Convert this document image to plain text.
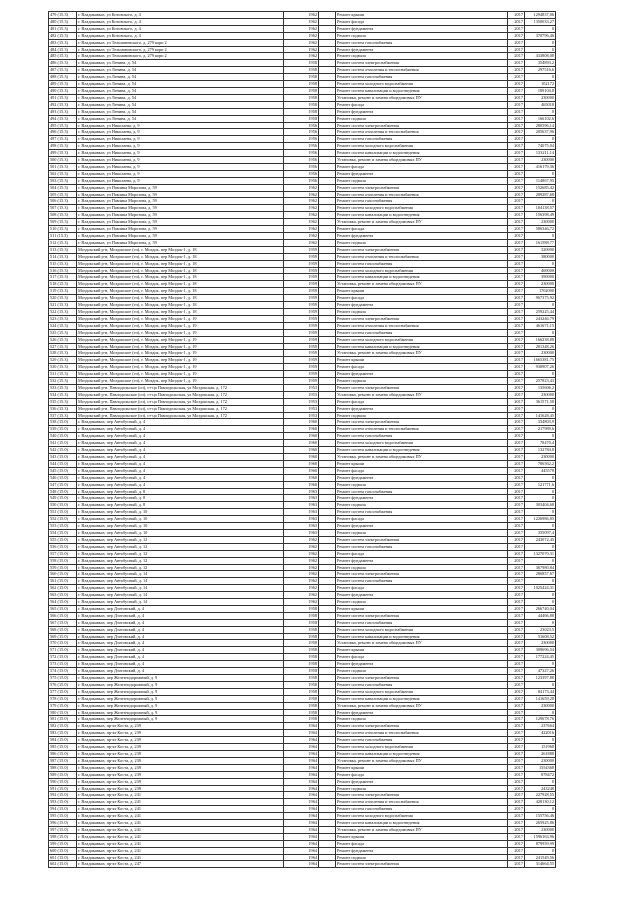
479 (15.3)	г. Владикавказ, ул Котовского, д. 4	1962		Ремонт крыши	2017	1294837,06
480 (15.3)	г. Владикавказ, ул Котовского, д. 4	1962		Ремонт фасада	2017	1350033,27
481 (15.3)	г. Владикавказ, ул Котовского, д. 4	1962		Ремонт фундамента	2017	0
482 (15.3)	г. Владикавказ, ул Котовского, д. 4	1962		Ремонт подвала	2017	370796,46
483 (15.3)	г. Владикавказ, ул Тельмановского, д. 279 корп 2	1962		Ремонт систем газоснабжения	2017	0
484 (15.3)	г. Владикавказ, ул Тельмановского, д. 279 корп 2	1962		Ремонт фундамента	2017	0
485 (15.3)	г. Владикавказ, ул Тельмановского, д. 279 корп 2	1962		Ремонт подвала	2017	433808,08
486 (15.3)	г. Владикавказ, ул Ленина, д. 54	1958		Ремонт систем электроснабжения	2017	354893,2
487 (15.3)	г. Владикавказ, ул Ленина, д. 54	1958		Ремонт систем отопления и теплоснабжения	2017	297516,6
488 (15.3)	г. Владикавказ, ул Ленина, д. 54	1958		Ремонт систем газоснабжения	2017	0
489 (15.3)	г. Владикавказ, ул Ленина, д. 54	1958		Ремонт систем холодного водоснабжения	2017	102172
490 (15.3)	г. Владикавказ, ул Ленина, д. 54	1958		Ремонт систем канализации и водоотведения	2017	189104,8
491 (15.3)	г. Владикавказ, ул Ленина, д. 54	1958		Установка, ремонт и замена общедомовых ПУ	2017	230000
492 (15.3)	г. Владикавказ, ул Ленина, д. 54	1958		Ремонт фасада	2017	465018
493 (15.3)	г. Владикавказ, ул Ленина, д. 54	1958		Ремонт фундамента	2017	0
494 (15.3)	г. Владикавказ, ул Ленина, д. 54	1958		Ремонт подвала	2017	166102,6
495 (15.3)	г. Владикавказ, ул Николаева, д. 9	1956		Ремонт систем электроснабжения	2017	280596,14
496 (15.3)	г. Владикавказ, ул Николаева, д. 9	1956		Ремонт систем отопления и теплоснабжения	2017	205637,96
497 (15.3)	г. Владикавказ, ул Николаева, д. 9	1956		Ремонт систем газоснабжения	2017	0
498 (15.3)	г. Владикавказ, ул Николаева, д. 9	1956		Ремонт систем холодного водоснабжения	2017	74075,04
499 (15.3)	г. Владикавказ, ул Николаева, д. 9	1956		Ремонт систем канализации и водоотведения	2017	133211,14
500 (15.3)	г. Владикавказ, ул Николаева, д. 9	1956		Установка, ремонт и замена общедомовых ПУ	2017	230000
501 (15.3)	г. Владикавказ, ул Николаева, д. 9	1956		Ремонт фасада	2017	416179,36
502 (15.3)	г. Владикавказ, ул Николаева, д. 9	1956		Ремонт фундамента	2017	0
503 (15.3)	г. Владикавказ, ул Николаева, д. 9	1956		Ремонт подвала	2017	114867,95
504 (15.3)	г. Владикавказ, ул Павлика Морозова, д. 59	1962		Ремонт систем электроснабжения	2017	152685,42
505 (15.3)	г. Владикавказ, ул Павлика Морозова, д. 59	1962		Ремонт систем отопления и теплоснабжения	2017	289287,68
506 (15.3)	г. Владикавказ, ул Павлика Морозова, д. 59	1962		Ремонт систем газоснабжения	2017	0
507 (15.3)	г. Владикавказ, ул Павлика Морозова, д. 59	1962		Ремонт систем холодного водоснабжения	2017	104138,57
508 (15.3)	г. Владикавказ, ул Павлика Морозова, д. 59	1962		Ремонт систем канализации и водоотведения	2017	156398,49
509 (15.3)	г. Владикавказ, ул Павлика Морозова, д. 59	1962		Установка, ремонт и замена общедомовых ПУ	2017	230000
510 (15.3)	г. Владикавказ, ул Павлика Морозова, д. 59	1962		Ремонт фасада	2017	586346,72
511 (15.3)	г. Владикавказ, ул Павлика Морозова, д. 59	1962		Ремонт фундамента	2017	0
512 (15.3)	г. Владикавказ, ул Павлика Морозова, д. 59	1962		Ремонт подвала	2017	161588,77
513 (15.3)	Моздокский р-н, Моздокское (гп), г. Моздок, пер Моздок-1, д. 18	1959		Ремонт систем электроснабжения	2017	320000
514 (15.3)	Моздокский р-н, Моздокское (гп), г. Моздок, пер Моздок-1, д. 18	1959		Ремонт систем отопления и теплоснабжения	2017	380000
515 (15.3)	Моздокский р-н, Моздокское (гп), г. Моздок, пер Моздок-1, д. 18	1959		Ремонт систем газоснабжения	2017	0
516 (15.3)	Моздокский р-н, Моздокское (гп), г. Моздок, пер Моздок-1, д. 18	1959		Ремонт систем холодного водоснабжения	2017	469000
517 (15.3)	Моздокский р-н, Моздокское (гп), г. Моздок, пер Моздок-1, д. 18	1959		Ремонт систем канализации и водоотведения	2017	390000
518 (15.3)	Моздокский р-н, Моздокское (гп), г. Моздок, пер Моздок-1, д. 18	1959		Установка, ремонт и замена общедомовых ПУ	2017	230000
519 (15.3)	Моздокский р-н, Моздокское (гп), г. Моздок, пер Моздок-1, д. 18	1959		Ремонт крыши	2017	1702000
520 (15.3)	Моздокский р-н, Моздокское (гп), г. Моздок, пер Моздок-1, д. 18	1959		Ремонт фасада	2017	967375,92
521 (15.3)	Моздокский р-н, Моздокское (гп), г. Моздок, пер Моздок-1, д. 18	1959		Ремонт фундамента	2017	0
522 (15.3)	Моздокский р-н, Моздокское (гп), г. Моздок, пер Моздок-1, д. 18	1959		Ремонт подвала	2017	259225,44
523 (15.3)	Моздокский р-н, Моздокское (гп), г. Моздок, пер Моздок-1, д. 19	1959		Ремонт систем электроснабжения	2017	243246,79
524 (15.3)	Моздокский р-н, Моздокское (гп), г. Моздок, пер Моздок-1, д. 19	1959		Ремонт систем отопления и теплоснабжения	2017	461671,15
525 (15.3)	Моздокский р-н, Моздокское (гп), г. Моздок, пер Моздок-1, д. 19	1959		Ремонт систем газоснабжения	2017	0
526 (15.3)	Моздокский р-н, Моздокское (гп), г. Моздок, пер Моздок-1, д. 19	1959		Ремонт систем холодного водоснабжения	2017	166238,88
527 (15.3)	Моздокский р-н, Моздокское (гп), г. Моздок, пер Моздок-1, д. 19	1959		Ремонт систем канализации и водоотведения	2017	281348,26
528 (15.3)	Моздокский р-н, Моздокское (гп), г. Моздок, пер Моздок-1, д. 19	1959		Установка, ремонт и замена общедомовых ПУ	2017	230000
529 (15.3)	Моздокский р-н, Моздокское (гп), г. Моздок, пер Моздок-1, д. 19	1959		Ремонт крыши	2017	1665381,75
530 (15.3)	Моздокский р-н, Моздокское (гп), г. Моздок, пер Моздок-1, д. 19	1959		Ремонт фасада	2017	938907,26
531 (15.3)	Моздокский р-н, Моздокское (гп), г. Моздок, пер Моздок-1, д. 19	1959		Ремонт фундамента	2017	0
532 (15.3)	Моздокский р-н, Моздокское (гп), г. Моздок, пер Моздок-1, д. 19	1959		Ремонт подвала	2017	257823,43
533 (15.3)	Моздокский р-н, Павлодольское (сп), ст-ца Павлодольская, ул Моздокская, д. 172	1953		Ремонт систем электроснабжения	2017	135606,2
534 (15.3)	Моздокский р-н, Павлодольское (сп), ст-ца Павлодольская, ул Моздокская, д. 172	1953		Установка, ремонт и замена общедомовых ПУ	2017	230000
535 (15.3)	Моздокский р-н, Павлодольское (сп), ст-ца Павлодольская, ул Моздокская, д. 172	1953		Ремонт фасада	2017	361571,58
536 (15.3)	Моздокский р-н, Павлодольское (сп), ст-ца Павлодольская, ул Моздокская, д. 172	1953		Ремонт фундамента	2017	0
537 (15.3)	Моздокский р-н, Павлодольское (сп), ст-ца Павлодольская, ул Моздокская, д. 172	1953		Ремонт подвала	2017	141628,45
538 (15.0)	г. Владикавказ, пер Автобусный, д. 4	1960		Ремонт систем электроснабжения	2017	334803,9
539 (15.0)	г. Владикавказ, пер Автобусный, д. 4	1960		Ремонт систем отопления и теплоснабжения	2017	217989,6
540 (15.0)	г. Владикавказ, пер Автобусный, д. 4	1960		Ремонт систем газоснабжения	2017	0
541 (15.0)	г. Владикавказ, пер Автобусный, д. 4	1960		Ремонт систем холодного водоснабжения	2017	78470,4
542 (15.0)	г. Владикавказ, пер Автобусный, д. 4	1960		Ремонт систем канализации и водоотведения	2017	132784,8
543 (15.0)	г. Владикавказ, пер Автобусный, д. 4	1960		Установка, ремонт и замена общедомовых ПУ	2017	230000
544 (15.0)	г. Владикавказ, пер Автобусный, д. 4	1960		Ремонт крыши	2017	786562,2
545 (15.0)	г. Владикавказ, пер Автобусный, д. 4	1960		Ремонт фасада	2017	445578
546 (15.0)	г. Владикавказ, пер Автобусный, д. 4	1960		Ремонт фундамента	2017	0
547 (15.0)	г. Владикавказ, пер Автобусный, д. 4	1960		Ремонт подвала	2017	121771,6
548 (15.0)	г. Владикавказ, пер Автобусный, д. 8	1963		Ремонт систем газоснабжения	2017	0
549 (15.0)	г. Владикавказ, пер Автобусный, д. 8	1963		Ремонт фундамента	2017	0
550 (15.0)	г. Владикавказ, пер Автобусный, д. 8	1963		Ремонт подвала	2017	303404,68
551 (15.0)	г. Владикавказ, пер Автобусный, д. 10	1963		Ремонт систем газоснабжения	2017	0
552 (15.0)	г. Владикавказ, пер Автобусный, д. 10	1963		Ремонт фасада	2017	1226986,85
553 (15.0)	г. Владикавказ, пер Автобусный, д. 10	1963		Ремонт фундамента	2017	0
554 (15.0)	г. Владикавказ, пер Автобусный, д. 10	1963		Ремонт подвала	2017	335097,4
555 (15.0)	г. Владикавказ, пер Автобусный, д. 12	1962		Ремонт систем электроснабжения	2017	243072,45
556 (15.0)	г. Владикавказ, пер Автобусный, д. 12	1962		Ремонт систем газоснабжения	2017	0
557 (15.0)	г. Владикавказ, пер Автобусный, д. 12	1962		Ремонт фасада	2017	1327070,31
558 (15.0)	г. Владикавказ, пер Автобусный, д. 12	1962		Ремонт фундамента	2017	0
559 (15.0)	г. Владикавказ, пер Автобусный, д. 12	1962		Ремонт подвала	2017	367980,84
560 (15.0)	г. Владикавказ, пер Автобусный, д. 14	1962		Ремонт систем электроснабжения	2017	286857,67
561 (15.0)	г. Владикавказ, пер Автобусный, д. 14	1962		Ремонт систем газоснабжения	2017	0
562 (15.0)	г. Владикавказ, пер Автобусный, д. 14	1962		Ремонт фасада	2017	1025424,31
563 (15.0)	г. Владикавказ, пер Автобусный, д. 14	1962		Ремонт фундамента	2017	0
564 (15.0)	г. Владикавказ, пер Автобусный, д. 14	1962		Ремонт подвала	2017	0
565 (15.0)	г. Владикавказ, пер Дзотовский, д. 4	1958		Ремонт крыши	2017	266740,04
566 (15.0)	г. Владикавказ, пер Дзотовский, д. 4	1958		Ремонт систем электроснабжения	2017	44466,88
567 (15.0)	г. Владикавказ, пер Дзотовский, д. 4	1958		Ремонт систем газоснабжения	2017	0
568 (15.0)	г. Владикавказ, пер Дзотовский, д. 4	1958		Ремонт систем холодного водоснабжения	2017	23023,5
569 (15.0)	г. Владикавказ, пер Дзотовский, д. 4	1958		Ремонт систем канализации и водоотведения	2017	51608,52
570 (15.0)	г. Владикавказ, пер Дзотовский, д. 4	1958		Установка, ремонт и замена общедомовых ПУ	2017	230000
571 (15.0)	г. Владикавказ, пер Дзотовский, д. 4	1958		Ремонт крыши	2017	309696,54
572 (15.0)	г. Владикавказ, пер Дзотовский, д. 4	1958		Ремонт фасада	2017	177224,45
573 (15.0)	г. Владикавказ, пер Дзотовский, д. 4	1958		Ремонт фундамента	2017	0
574 (15.0)	г. Владикавказ, пер Дзотовский, д. 4	1958		Ремонт подвала	2017	47327,26
575 (15.0)	г. Владикавказ, пер Железнодорожный, д. 9	1958		Ремонт систем электроснабжения	2017	123397,88
576 (15.0)	г. Владикавказ, пер Железнодорожный, д. 9	1958		Ремонт систем газоснабжения	2017	0
577 (15.0)	г. Владикавказ, пер Железнодорожный, д. 9	1958		Ремонт систем холодного водоснабжения	2017	84173,44
578 (15.0)	г. Владикавказ, пер Железнодорожный, д. 9	1958		Ремонт систем канализации и водоотведения	2017	141659,28
579 (15.0)	г. Владикавказ, пер Железнодорожный, д. 9	1958		Установка, ремонт и замена общедомовых ПУ	2017	230000
580 (15.0)	г. Владикавказ, пер Железнодорожный, д. 9	1958		Ремонт фундамента	2017	0
581 (15.0)	г. Владикавказ, пер Железнодорожный, д. 9	1958		Ремонт подвала	2017	129678,76
582 (15.0)	г. Владикавказ, пр-кт Коста, д. 239	1964		Ремонт систем электроснабжения	2017	237664
583 (15.0)	г. Владикавказ, пр-кт Коста, д. 239	1964		Ремонт систем отопления и теплоснабжения	2017	422016
584 (15.0)	г. Владикавказ, пр-кт Коста, д. 239	1964		Ремонт систем газоснабжения	2017	0
585 (15.0)	г. Владикавказ, пр-кт Коста, д. 239	1964		Ремонт систем холодного водоснабжения	2017	151968
586 (15.0)	г. Владикавказ, пр-кт Коста, д. 239	1964		Ремонт систем канализации и водоотведения	2017	261888
587 (15.0)	г. Владикавказ, пр-кт Коста, д. 239	1964		Установка, ремонт и замена общедомовых ПУ	2017	230000
588 (15.0)	г. Владикавказ, пр-кт Коста, д. 239	1964		Ремонт крыши	2017	1554368
589 (15.0)	г. Владикавказ, пр-кт Коста, д. 239	1964		Ремонт фасада	2017	878472
590 (15.0)	г. Владикавказ, пр-кт Коста, д. 239	1964		Ремонт фундамента	2017	0
591 (15.0)	г. Владикавказ, пр-кт Коста, д. 239	1964		Ремонт подвала	2017	243248
592 (15.0)	г. Владикавказ, пр-кт Коста, д. 241	1964		Ремонт систем электроснабжения	2017	227928,55
593 (15.0)	г. Владикавказ, пр-кт Коста, д. 241	1964		Ремонт систем отопления и теплоснабжения	2017	428130,12
594 (15.0)	г. Владикавказ, пр-кт Коста, д. 241	1964		Ремонт систем газоснабжения	2017	0
595 (15.0)	г. Владикавказ, пр-кт Коста, д. 241	1964		Ремонт систем холодного водоснабжения	2017	155756,46
596 (15.0)	г. Владикавказ, пр-кт Коста, д. 241	1964		Ремонт систем канализации и водоотведения	2017	265925,86
597 (15.0)	г. Владикавказ, пр-кт Коста, д. 241	1964		Установка, ремонт и замена общедомовых ПУ	2017	230000
598 (15.0)	г. Владикавказ, пр-кт Коста, д. 241	1964		Ремонт крыши	2017	1596163,96
599 (15.0)	г. Владикавказ, пр-кт Коста, д. 241	1964		Ремонт фасада	2017	879959,99
600 (15.0)	г. Владикавказ, пр-кт Коста, д. 241	1964		Ремонт фундамента	2017	0
601 (15.0)	г. Владикавказ, пр-кт Коста, д. 241	1964		Ремонт подвала	2017	241549,56
602 (15.0)	г. Владикавказ, пр-кт Коста, д. 247	1964		Ремонт систем электроснабжения	2017	314664,55
